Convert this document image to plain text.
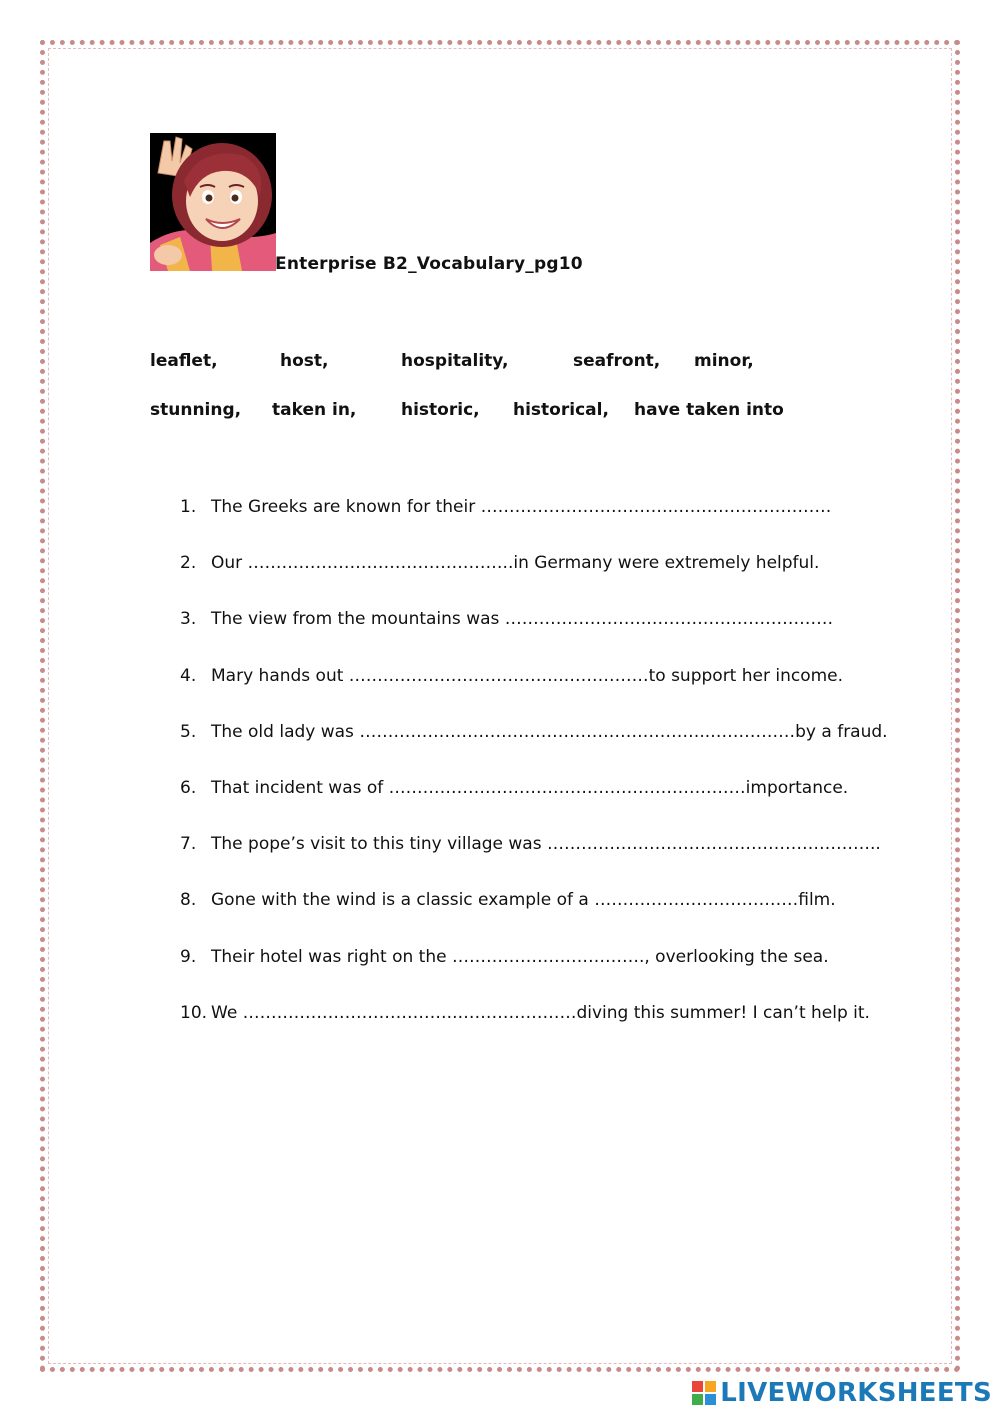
Enterprise B2_Vocabulary_pg10
leaflet,	host,	hospitality,	seafront, minor,
stunning, taken in,	historic, historical, have taken into
1. The Greeks are known for their ……………………………..………………………
2. Our ………………………………………..in Germany were extremely helpful.
3. The view from the mountains was …………………….……………………………
4. Mary hands out ………………………………..……………to support her income.
5. The old lady was ……………………………………………………..……………by a fraud.
6. That incident was of ………………………………………………………importance.
7. The pope’s visit to this tiny village was …………………………………………………..
8. Gone with the wind is a classic example of a ………………………………film.
9. Their hotel was right on the ……………………………., overlooking the sea.
10. We ………………………………..…………………diving this summer! I can’t help it.
LIVEWORKSHEETS
